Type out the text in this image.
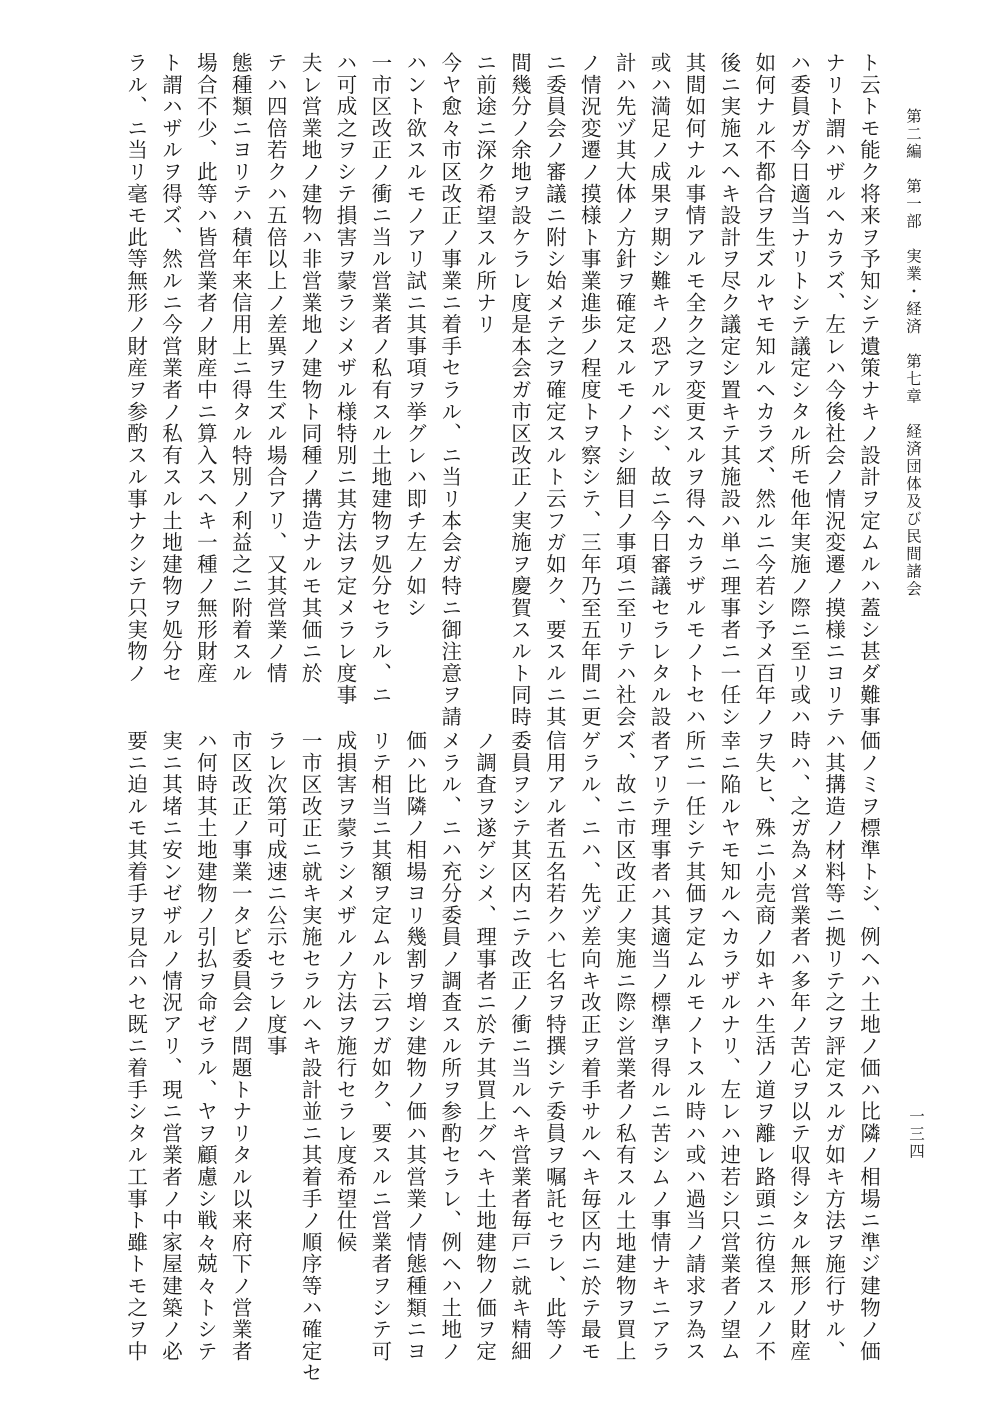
第二編　第一部　実業・経済　第七章　経済団体及び民間諸会
一三四
ト云トモ能ク将来ヲ予知シテ遺策ナキノ設計ヲ定ムルハ蓋シ甚ダ難事
ナリト謂ハザルヘカラズ、左レハ今後社会ノ情況変遷ノ摸様ニヨリテ
ハ委員ガ今日適当ナリトシテ議定シタル所モ他年実施ノ際ニ至リ或ハ
如何ナル不都合ヲ生ズルヤモ知ルヘカラズ、然ルニ今若シ予メ百年ノ
後ニ実施スヘキ設計ヲ尽ク議定シ置キテ其施設ハ単ニ理事者ニ一任シ
其間如何ナル事情アルモ全ク之ヲ変更スルヲ得ヘカラザルモノトセハ
或ハ満足ノ成果ヲ期シ難キノ恐アルベシ、故ニ今日審議セラレタル設
計ハ先ヅ其大体ノ方針ヲ確定スルモノトシ細目ノ事項ニ至リテハ社会
ノ情況変遷ノ摸様ト事業進歩ノ程度トヲ察シテ、三年乃至五年間ニ更
ニ委員会ノ審議ニ附シ始メテ之ヲ確定スルト云フガ如ク、要スルニ其
間幾分ノ余地ヲ設ケラレ度是本会ガ市区改正ノ実施ヲ慶賀スルト同時
ニ前途ニ深ク希望スル所ナリ
今ヤ愈々市区改正ノ事業ニ着手セラル、ニ当リ本会ガ特ニ御注意ヲ請
ハント欲スルモノアリ試ニ其事項ヲ挙グレハ即チ左ノ如シ
一市区改正ノ衝ニ当ル営業者ノ私有スル土地建物ヲ処分セラル、ニ
ハ可成之ヲシテ損害ヲ蒙ラシメザル様特別ニ其方法ヲ定メラレ度事
夫レ営業地ノ建物ハ非営業地ノ建物ト同種ノ搆造ナルモ其価ニ於
テハ四倍若クハ五倍以上ノ差異ヲ生ズル場合アリ、又其営業ノ情
態種類ニヨリテハ積年来信用上ニ得タル特別ノ利益之ニ附着スル
場合不少、此等ハ皆営業者ノ財産中ニ算入スヘキ一種ノ無形財産
ト謂ハザルヲ得ズ、然ルニ今営業者ノ私有スル土地建物ヲ処分セ
ラル、ニ当リ毫モ此等無形ノ財産ヲ参酌スル事ナクシテ只実物ノ
価ノミヲ標準トシ、例ヘハ土地ノ価ハ比隣ノ相場ニ準ジ建物ノ価
ハ其搆造ノ材料等ニ拠リテ之ヲ評定スルガ如キ方法ヲ施行サル、
時ハ、之ガ為メ営業者ハ多年ノ苦心ヲ以テ収得シタル無形ノ財産
ヲ失ヒ、殊ニ小売商ノ如キハ生活ノ道ヲ離レ路頭ニ彷徨スルノ不
幸ニ陥ルヤモ知ルヘカラザルナリ、左レハ迚若シ只営業者ノ望ム
所ニ一任シテ其価ヲ定ムルモノトスル時ハ或ハ過当ノ請求ヲ為ス
者アリテ理事者ハ其適当ノ標準ヲ得ルニ苦シムノ事情ナキニアラ
ズ、故ニ市区改正ノ実施ニ際シ営業者ノ私有スル土地建物ヲ買上
ゲラル、ニハ、先ヅ差向キ改正ヲ着手サルヘキ毎区内ニ於テ最モ
信用アル者五名若クハ七名ヲ特撰シテ委員ヲ嘱託セラレ、此等ノ
委員ヲシテ其区内ニテ改正ノ衝ニ当ルヘキ営業者毎戸ニ就キ精細
ノ調査ヲ遂ゲシメ、理事者ニ於テ其買上グヘキ土地建物ノ価ヲ定
メラル、ニハ充分委員ノ調査スル所ヲ参酌セラレ、例ヘハ土地ノ
価ハ比隣ノ相場ヨリ幾割ヲ増シ建物ノ価ハ其営業ノ情態種類ニヨ
リテ相当ニ其額ヲ定ムルト云フガ如ク、要スルニ営業者ヲシテ可
成損害ヲ蒙ラシメザルノ方法ヲ施行セラレ度希望仕候
一市区改正ニ就キ実施セラルヘキ設計並ニ其着手ノ順序等ハ確定セ
ラレ次第可成速ニ公示セラレ度事
市区改正ノ事業一タビ委員会ノ問題トナリタル以来府下ノ営業者
ハ何時其土地建物ノ引払ヲ命ゼラル、ヤヲ顧慮シ戦々兢々トシテ
実ニ其堵ニ安ンゼザルノ情況アリ、現ニ営業者ノ中家屋建築ノ必
要ニ迫ルモ其着手ヲ見合ハセ既ニ着手シタル工事ト雖トモ之ヲ中
